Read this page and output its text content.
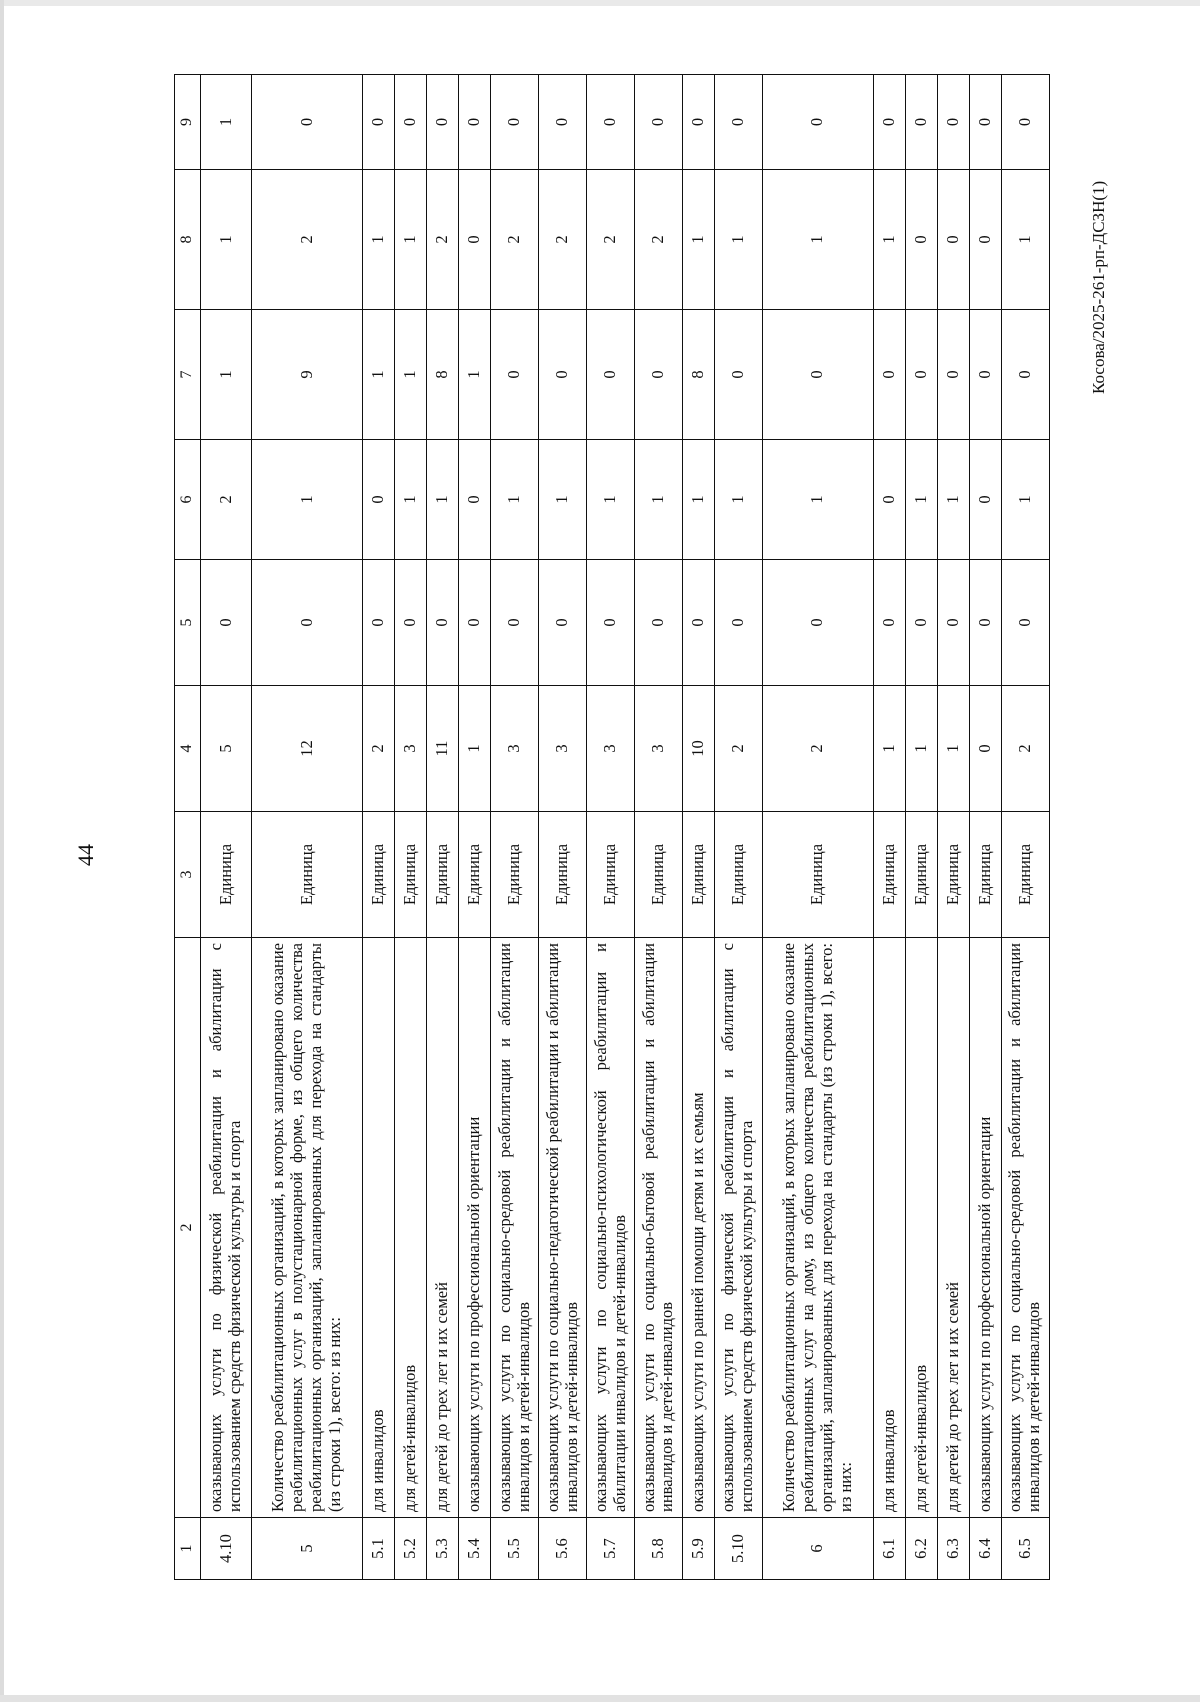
44
1	2	3	4	5	6	7	8	9
4.10	оказывающих услуги по физической реабилитации и абилитации с использованием средств физической культуры и спорта	Единица	5	0	2	1	1	1
5	Количество реабилитационных организаций, в которых запланировано оказание реабилитационных услуг в полустационарной форме, из общего количества реабилитационных организаций, запланированных для перехода на стандарты (из строки 1), всего: из них:	Единица	12	0	1	9	2	0
5.1	для инвалидов	Единица	2	0	0	1	1	0
5.2	для детей-инвалидов	Единица	3	0	1	1	1	0
5.3	для детей до трех лет и их семей	Единица	11	0	1	8	2	0
5.4	оказывающих услуги по профессиональной ориентации	Единица	1	0	0	1	0	0
5.5	оказывающих услуги по социально-средовой реабилитации и абилитации инвалидов и детей-инвалидов	Единица	3	0	1	0	2	0
5.6	оказывающих услуги по социально-педагогической реабилитации и абилитации инвалидов и детей-инвалидов	Единица	3	0	1	0	2	0
5.7	оказывающих услуги по социально-психологической реабилитации и абилитации инвалидов и детей-инвалидов	Единица	3	0	1	0	2	0
5.8	оказывающих услуги по социально-бытовой реабилитации и абилитации инвалидов и детей-инвалидов	Единица	3	0	1	0	2	0
5.9	оказывающих услуги по ранней помощи детям и их семьям	Единица	10	0	1	8	1	0
5.10	оказывающих услуги по физической реабилитации и абилитации с использованием средств физической культуры и спорта	Единица	2	0	1	0	1	0
6	Количество реабилитационных организаций, в которых запланировано оказание реабилитационных услуг на дому, из общего количества реабилитационных организаций, запланированных для перехода на стандарты (из строки 1), всего: из них:	Единица	2	0	1	0	1	0
6.1	для инвалидов	Единица	1	0	0	0	1	0
6.2	для детей-инвалидов	Единица	1	0	1	0	0	0
6.3	для детей до трех лет и их семей	Единица	1	0	1	0	0	0
6.4	оказывающих услуги по профессиональной ориентации	Единица	0	0	0	0	0	0
6.5	оказывающих услуги по социально-средовой реабилитации и абилитации инвалидов и детей-инвалидов	Единица	2	0	1	0	1	0
Косова/2025-261-рп-ДСЗН(1)
